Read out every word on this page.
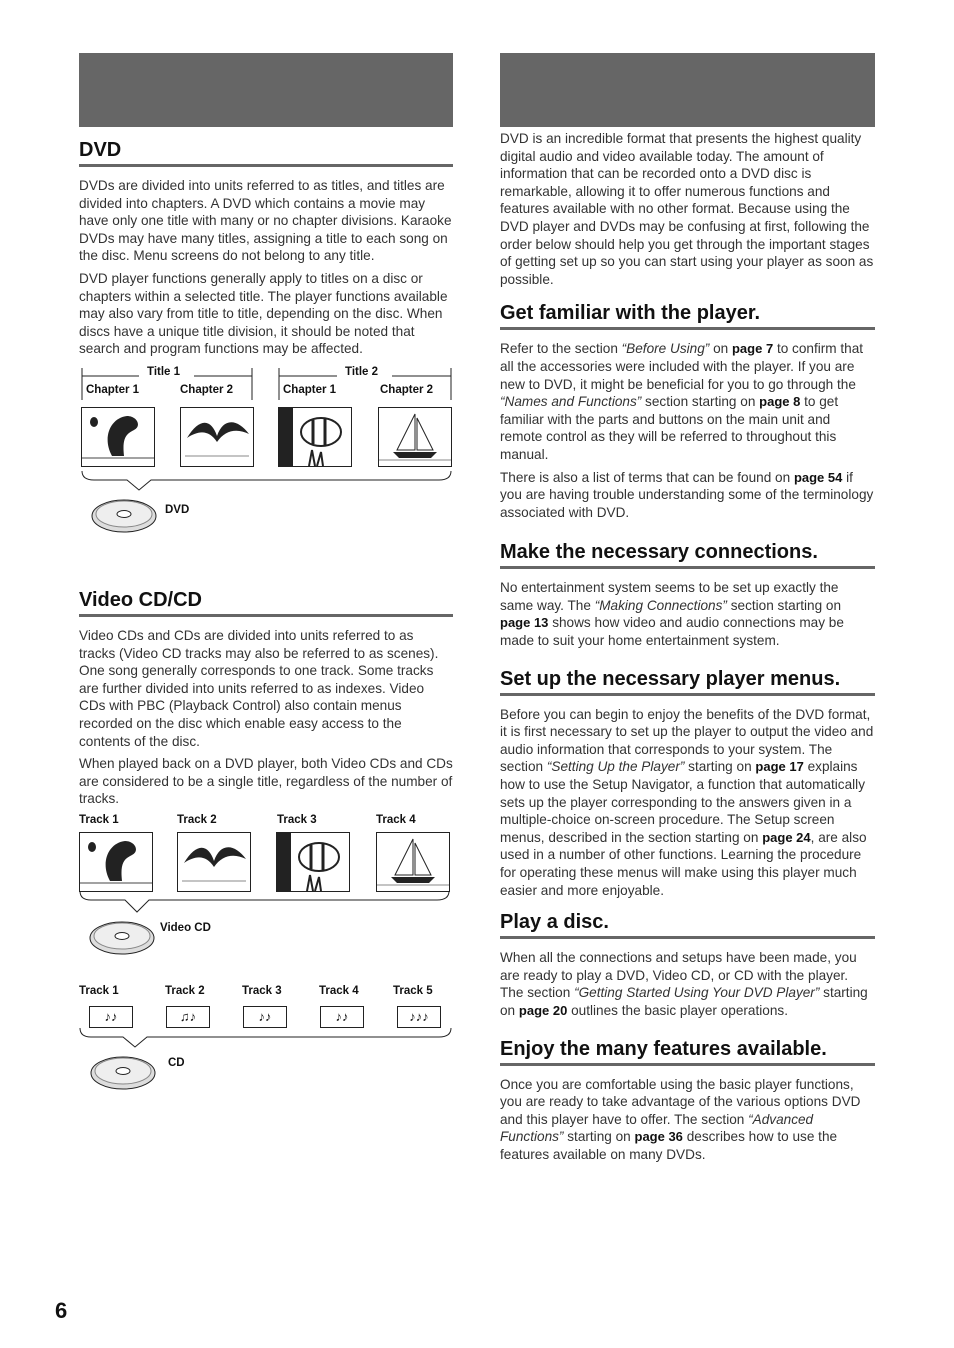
DVD

DVDs are divided into units referred to as titles, and titles are divided into chapters. A DVD which contains a movie may have only one title with many or no chapter divisions. Karaoke DVDs may have many titles, assigning a title to each song on the disc. Menu screens do not belong to any title.

DVD player functions generally apply to titles on a disc or chapters within a selected title. The player functions available may also vary from title to title, depending on the disc. When discs have a unique title division, it should be noted that search and program functions may be affected.

Title 1	Title 2
Chapter 1	Chapter 2	Chapter 1	Chapter 2
DVD
Video CD/CD

Video CDs and CDs are divided into units referred to as tracks (Video CD tracks may also be referred to as scenes). One song generally corresponds to one track. Some tracks are further divided into units referred to as indexes. Video CDs with PBC (Playback Control) also contain menus recorded on the disc which enable easy access to the contents of the disc.

When played back on a DVD player, both Video CDs and CDs are considered to be a single title, regardless of the number of tracks.

Track 1	Track 2	Track 3	Track 4
Video CD
Track 1	Track 2	Track 3	Track 4	Track 5
♪♪	♫♪	♪♪	♪♪	♪♪♪
CD

DVD is an incredible format that presents the highest quality digital audio and video available today. The amount of information that can be recorded onto a DVD disc is remarkable, allowing it to offer numerous functions and features available with no other format. Because using the DVD player and DVDs may be confusing at first, following the order below should help you get through the important stages of getting set up so you can start using your player as soon as possible.

Get familiar with the player.

Refer to the section “Before Using” on page 7 to confirm that all the accessories were included with the player. If you are new to DVD, it might be beneficial for you to go through the “Names and Functions” section starting on page 8 to get familiar with the parts and buttons on the main unit and remote control as they will be referred to throughout this manual.

There is also a list of terms that can be found on page 54 if you are having trouble understanding some of the terminology associated with DVD.

Make the necessary connections.

No entertainment system seems to be set up exactly the same way. The “Making Connections” section starting on page 13 shows how video and audio connections may be made to suit your home entertainment system.

Set up the necessary player menus.

Before you can begin to enjoy the benefits of the DVD format, it is first necessary to set up the player to output the video and audio information that corresponds to your system. The section “Setting Up the Player” starting on page 17 explains how to use the Setup Navigator, a function that automatically sets up the player corresponding to the answers given in a multiple-choice on-screen procedure. The Setup screen menus, described in the section starting on page 24, are also used in a number of other functions. Learning the procedure for operating these menus will make using this player much easier and more enjoyable.

Play a disc.

When all the connections and setups have been made, you are ready to play a DVD, Video CD, or CD with the player. The section “Getting Started Using Your DVD Player” starting on page 20 outlines the basic player operations.

Enjoy the many features available.

Once you are comfortable using the basic player functions, you are ready to take advantage of the various options DVD and this player have to offer. The section “Advanced Functions” starting on page 36 describes how to use the features available on many DVDs.

6
